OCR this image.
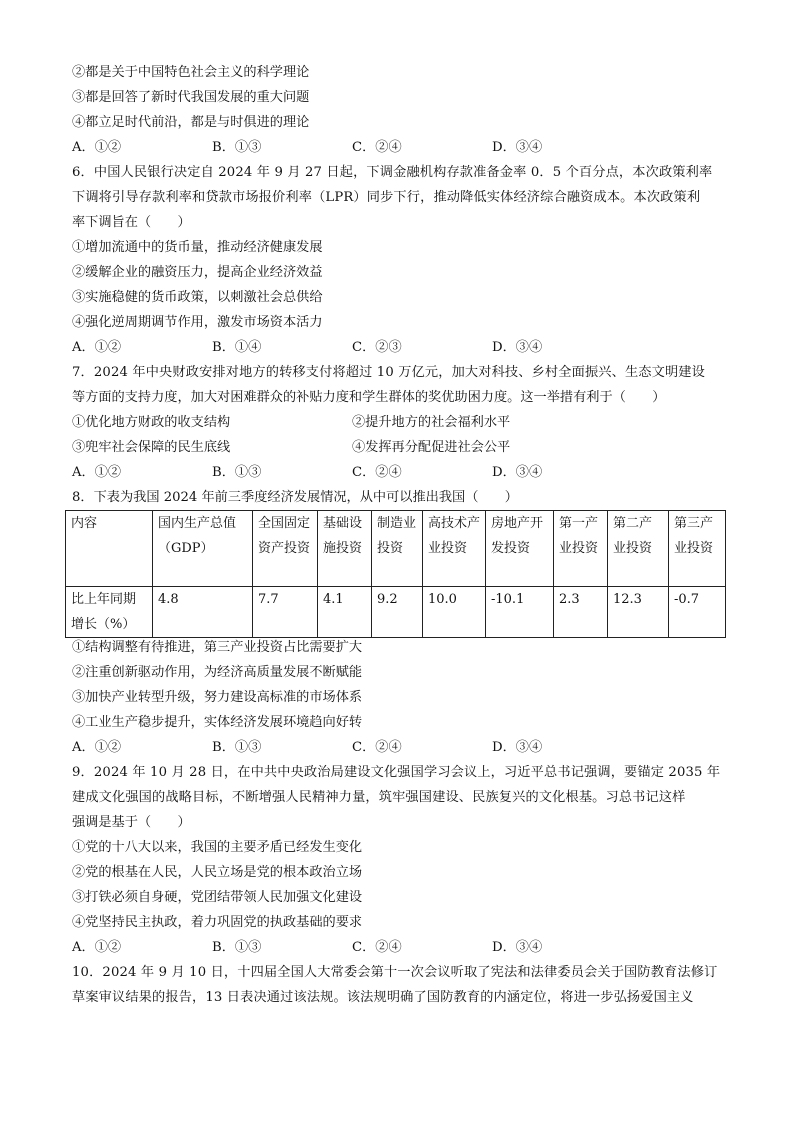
②都是关于中国特色社会主义的科学理论
③都是回答了新时代我国发展的重大问题
④都立足时代前沿，都是与时俱进的理论
A．①②	B．①③	C．②④	D．③④
6．中国人民银行决定自 2024 年 9 月 27 日起，下调金融机构存款准备金率 0．5 个百分点，本次政策利率
下调将引导存款利率和贷款市场报价利率（LPR）同步下行，推动降低实体经济综合融资成本。本次政策利
率下调旨在（　　）
①增加流通中的货币量，推动经济健康发展
②缓解企业的融资压力，提高企业经济效益
③实施稳健的货币政策，以刺激社会总供给
④强化逆周期调节作用，激发市场资本活力
A．①②	B．①④	C．②③	D．③④
7．2024 年中央财政安排对地方的转移支付将超过 10 万亿元，加大对科技、乡村全面振兴、生态文明建设
等方面的支持力度，加大对困难群众的补贴力度和学生群体的奖优助困力度。这一举措有利于（　　）
①优化地方财政的收支结构	②提升地方的社会福利水平
③兜牢社会保障的民生底线	④发挥再分配促进社会公平
A．①②	B．①③	C．②④	D．③④
8．下表为我国 2024 年前三季度经济发展情况，从中可以推出我国（　　）
内容	国内生产总值（GDP）	全国固定资产投资	基础设施投资	制造业投资	高技术产业投资	房地产开发投资	第一产业投资	第二产业投资	第三产业投资
比上年同期增长（%）	4.8	7.7	4.1	9.2	10.0	-10.1	2.3	12.3	-0.7
①结构调整有待推进，第三产业投资占比需要扩大
②注重创新驱动作用，为经济高质量发展不断赋能
③加快产业转型升级，努力建设高标准的市场体系
④工业生产稳步提升，实体经济发展环境趋向好转
A．①②	B．①③	C．②④	D．③④
9．2024 年 10 月 28 日，在中共中央政治局建设文化强国学习会议上，习近平总书记强调，要锚定 2035 年
建成文化强国的战略目标，不断增强人民精神力量，筑牢强国建设、民族复兴的文化根基。习总书记这样
强调是基于（　　）
①党的十八大以来，我国的主要矛盾已经发生变化
②党的根基在人民，人民立场是党的根本政治立场
③打铁必须自身硬，党团结带领人民加强文化建设
④党坚持民主执政，着力巩固党的执政基础的要求
A．①②	B．①③	C．②④	D．③④
10．2024 年 9 月 10 日，十四届全国人大常委会第十一次会议听取了宪法和法律委员会关于国防教育法修订
草案审议结果的报告，13 日表决通过该法规。该法规明确了国防教育的内涵定位，将进一步弘扬爱国主义
